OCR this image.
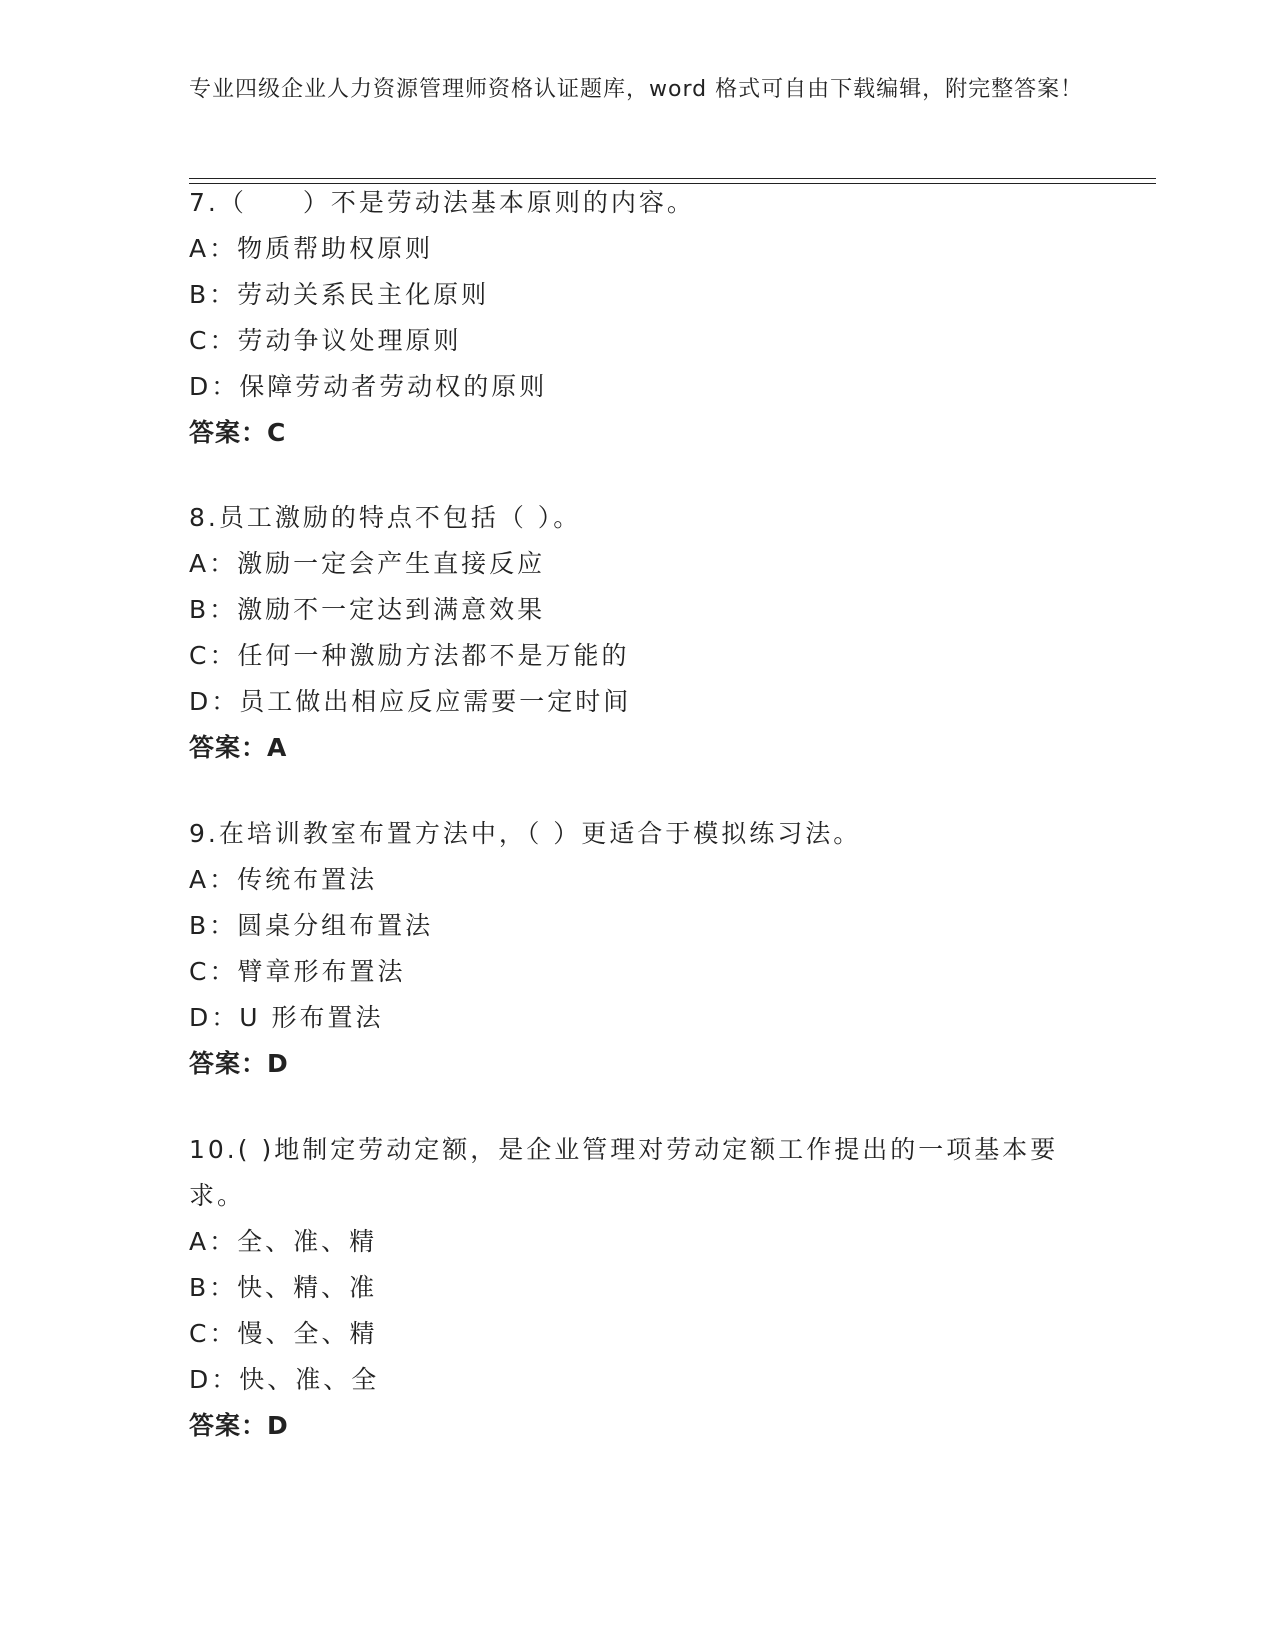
专业四级企业人力资源管理师资格认证题库，word 格式可自由下载编辑，附完整答案！
7.（　　）不是劳动法基本原则的内容。
A：物质帮助权原则
B：劳动关系民主化原则
C：劳动争议处理原则
D：保障劳动者劳动权的原则
答案：C
8.员工激励的特点不包括（ ）。
A：激励一定会产生直接反应
B：激励不一定达到满意效果
C：任何一种激励方法都不是万能的
D：员工做出相应反应需要一定时间
答案：A
9.在培训教室布置方法中，（ ）更适合于模拟练习法。
A：传统布置法
B：圆桌分组布置法
C：臂章形布置法
D：U 形布置法
答案：D
10.( )地制定劳动定额，是企业管理对劳动定额工作提出的一项基本要求。
A：全、准、精
B：快、精、准
C：慢、全、精
D：快、准、全
答案：D
